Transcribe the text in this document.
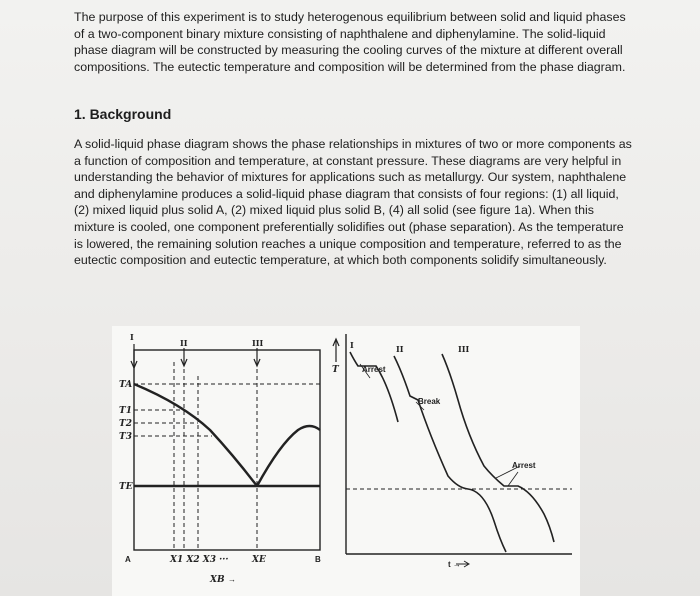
The purpose of this experiment is to study heterogenous equilibrium between solid and liquid phases of a two-component binary mixture consisting of naphthalene and diphenylamine. The solid-liquid phase diagram will be constructed by measuring the cooling curves of the mixture at different overall compositions. The eutectic temperature and composition will be determined from the phase diagram.

1. Background

A solid-liquid phase diagram shows the phase relationships in mixtures of two or more components as a function of composition and temperature, at constant pressure. These diagrams are very helpful in understanding the behavior of mixtures for applications such as metallurgy. Our system, naphthalene and diphenylamine produces a solid-liquid phase diagram that consists of four regions: (1) all liquid, (2) mixed liquid plus solid A, (2) mixed liquid plus solid B, (4) all solid (see figure 1a). When this mixture is cooled, one component preferentially solidifies out (phase separation). As the temperature is lowered, the remaining solution reaches a unique composition and temperature, referred to as the eutectic composition and eutectic temperature, at which both components solidify simultaneously.

I
II	III
TA
T1
T2
T3
TE
A	B
X1 X2 X3 ···	XE
XB →
T
I	II	III
Arrest
Break
Arrest
t →
